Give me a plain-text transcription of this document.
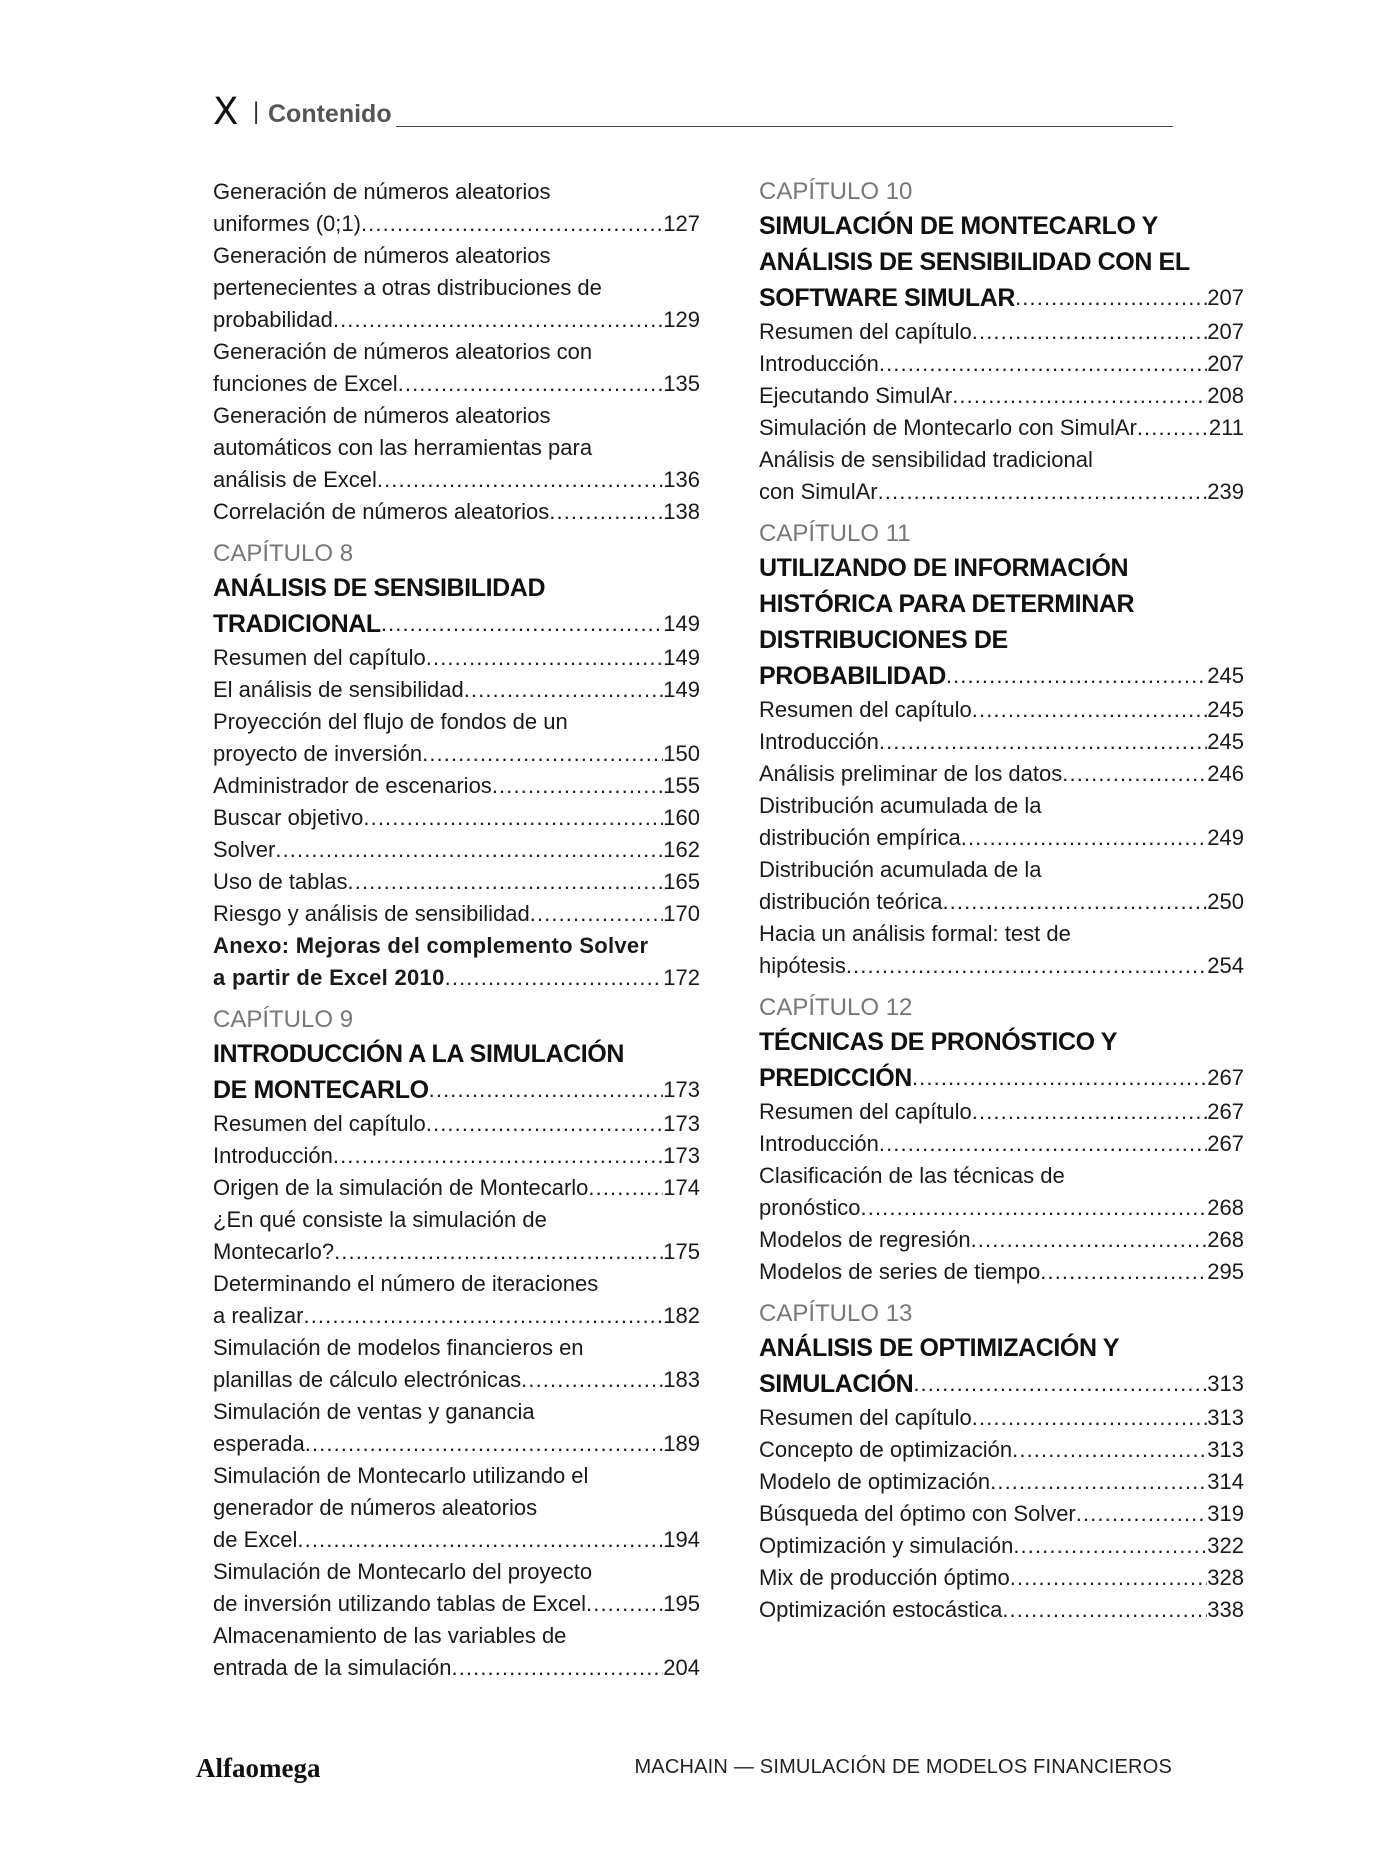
X | Contenido
Generación de números aleatorios
uniformes (0;1) .....	127
Generación de números aleatorios
pertenecientes a otras distribuciones de
probabilidad .....	129
Generación de números aleatorios con
funciones de Excel .....	135
Generación de números aleatorios
automáticos con las herramientas para
análisis de Excel .....	136
Correlación de números aleatorios .....	138
CAPÍTULO 8
ANÁLISIS DE SENSIBILIDAD
TRADICIONAL .....	149
Resumen del capítulo .....	149
El análisis de sensibilidad .....	149
Proyección del flujo de fondos de un
proyecto de inversión .....	150
Administrador de escenarios .....	155
Buscar objetivo .....	160
Solver .....	162
Uso de tablas .....	165
Riesgo y análisis de sensibilidad .....	170
Anexo: Mejoras del complemento Solver
a partir de Excel 2010 .....	172
CAPÍTULO 9
INTRODUCCIÓN A LA SIMULACIÓN
DE MONTECARLO .....	173
Resumen del capítulo .....	173
Introducción .....	173
Origen de la simulación de Montecarlo .....	174
¿En qué consiste la simulación de
Montecarlo? .....	175
Determinando el número de iteraciones
a realizar .....	182
Simulación de modelos financieros en
planillas de cálculo electrónicas .....	183
Simulación de ventas y ganancia
esperada .....	189
Simulación de Montecarlo utilizando el
generador de números aleatorios
de Excel .....	194
Simulación de Montecarlo del proyecto
de inversión utilizando tablas de Excel .....	195
Almacenamiento de las variables de
entrada de la simulación .....	204
CAPÍTULO 10
SIMULACIÓN DE MONTECARLO Y
ANÁLISIS DE SENSIBILIDAD CON EL
SOFTWARE SIMULAR .....	207
Resumen del capítulo .....	207
Introducción .....	207
Ejecutando SimulAr .....	208
Simulación de Montecarlo con SimulAr .....	211
Análisis de sensibilidad tradicional
con SimulAr .....	239
CAPÍTULO 11
UTILIZANDO DE INFORMACIÓN
HISTÓRICA PARA DETERMINAR
DISTRIBUCIONES DE
PROBABILIDAD .....	245
Resumen del capítulo .....	245
Introducción .....	245
Análisis preliminar de los datos .....	246
Distribución acumulada de la
distribución empírica .....	249
Distribución acumulada de la
distribución teórica .....	250
Hacia un análisis formal: test de
hipótesis .....	254
CAPÍTULO 12
TÉCNICAS DE PRONÓSTICO Y
PREDICCIÓN .....	267
Resumen del capítulo .....	267
Introducción .....	267
Clasificación de las técnicas de
pronóstico .....	268
Modelos de regresión .....	268
Modelos de series de tiempo .....	295
CAPÍTULO 13
ANÁLISIS DE OPTIMIZACIÓN Y
SIMULACIÓN .....	313
Resumen del capítulo .....	313
Concepto de optimización .....	313
Modelo de optimización .....	314
Búsqueda del óptimo con Solver .....	319
Optimización y simulación .....	322
Mix de producción óptimo .....	328
Optimización estocástica .....	338
Alfaomega	MACHAIN — SIMULACIÓN DE MODELOS FINANCIEROS
